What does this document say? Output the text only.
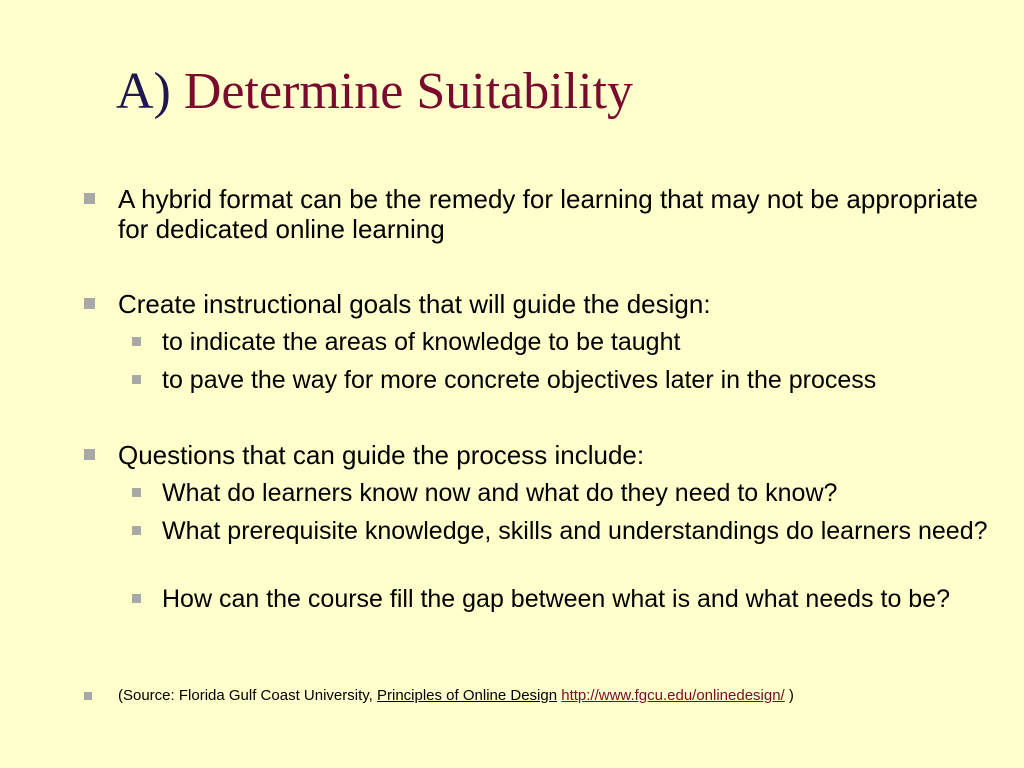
A) Determine Suitability
A hybrid format can be the remedy for learning that may not be appropriate for dedicated online learning
Create instructional goals that will guide the design:
to indicate the areas of knowledge to be taught
to pave the way for more concrete objectives later in the process
Questions that can guide the process include:
What do learners know now and what do they need to know?
What prerequisite knowledge, skills and understandings do learners need?
How can the course fill the gap between what is and what needs to be?
(Source: Florida Gulf Coast University, Principles of Online Design http://www.fgcu.edu/onlinedesign/ )
